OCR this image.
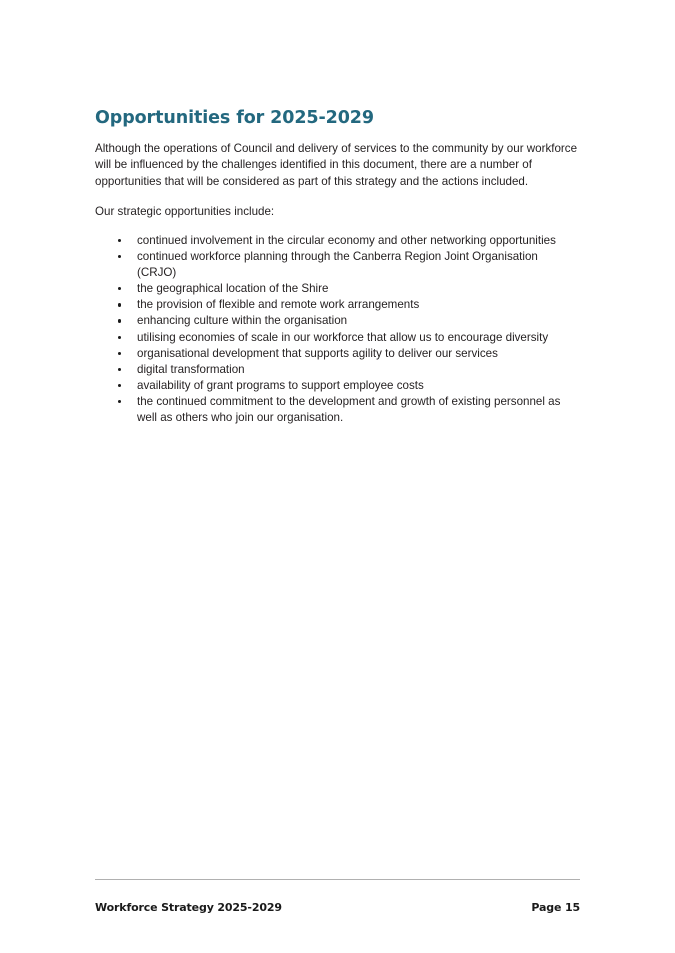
Opportunities for 2025-2029

Although the operations of Council and delivery of services to the community by our workforce will be influenced by the challenges identified in this document, there are a number of opportunities that will be considered as part of this strategy and the actions included.

Our strategic opportunities include:

continued involvement in the circular economy and other networking opportunities
continued workforce planning through the Canberra Region Joint Organisation (CRJO)
the geographical location of the Shire
the provision of flexible and remote work arrangements
enhancing culture within the organisation
utilising economies of scale in our workforce that allow us to encourage diversity
organisational development that supports agility to deliver our services
digital transformation
availability of grant programs to support employee costs
the continued commitment to the development and growth of existing personnel as well as others who join our organisation.
Workforce Strategy 2025-2029	Page 15
